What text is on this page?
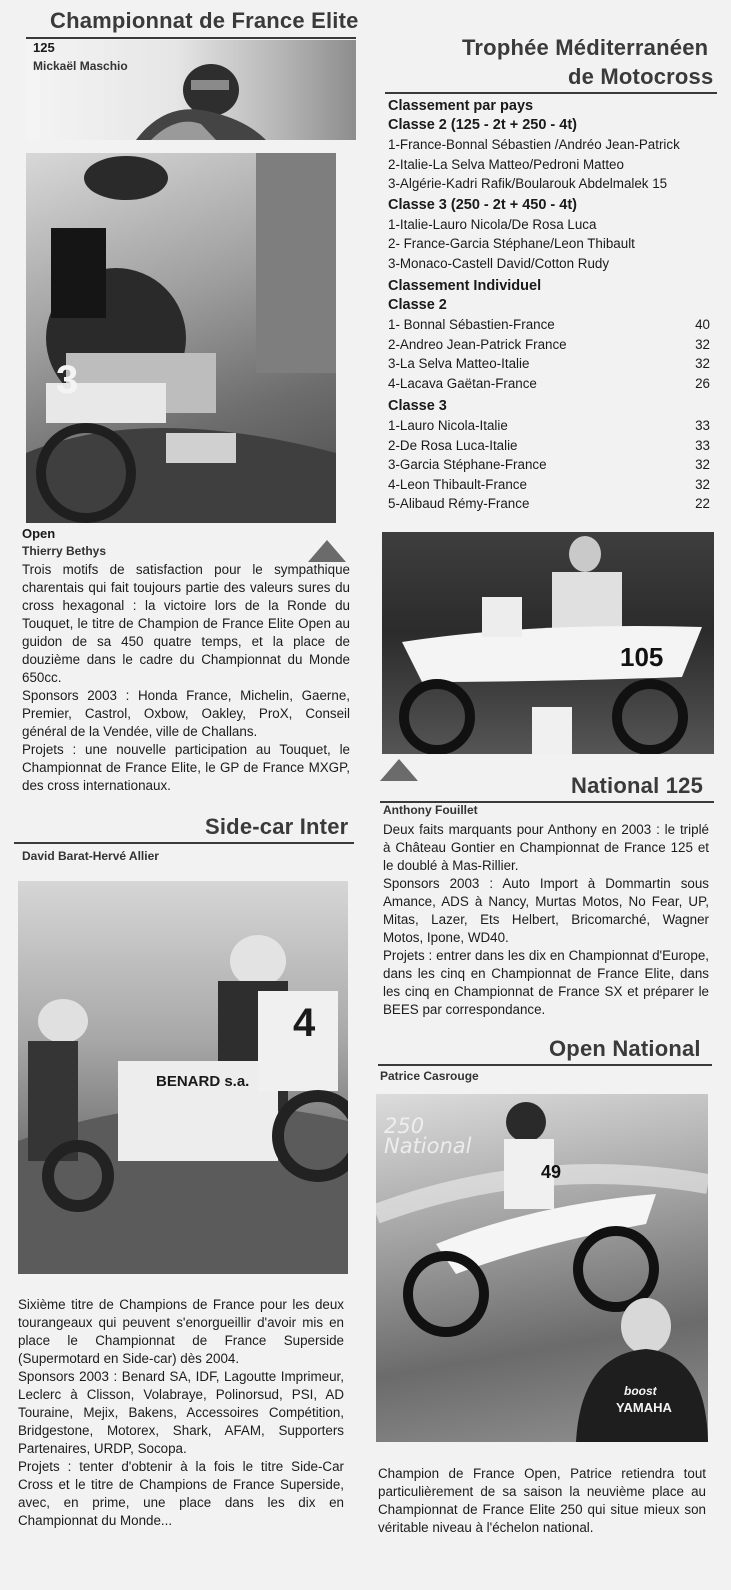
Championnat de France Elite
125
Mickaël Maschio
3
Open
Thierry Bethys
Trois motifs de satisfaction pour le sympathique charentais qui fait toujours partie des valeurs sures du cross hexagonal : la victoire lors de la Ronde du Touquet, le titre de Champion de France Elite Open au guidon de sa 450 quatre temps, et la place de douzième dans le cadre du Championnat du Monde 650cc.
Sponsors 2003 : Honda France, Michelin, Gaerne, Premier, Castrol, Oxbow, Oakley, ProX, Conseil général de la Vendée, ville de Challans.
Projets : une nouvelle participation au Touquet, le Championnat de France Elite, le GP de France MXGP, des cross internationaux.
Side-car Inter
David Barat-Hervé Allier
BENARD s.a.
4
Sixième titre de Champions de France pour les deux tourangeaux qui peuvent s'enorgueillir d'avoir mis en place le Championnat de France Superside (Supermotard en Side-car) dès 2004.
Sponsors 2003 : Benard SA, IDF, Lagoutte Imprimeur, Leclerc à Clisson, Volabraye, Polinorsud, PSI, AD Touraine, Mejix, Bakens, Accessoires Compétition, Bridgestone, Motorex, Shark, AFAM, Supporters Partenaires, URDP, Socopa.
Projets : tenter d'obtenir à la fois le titre Side-Car Cross et le titre de Champions de France Superside, avec, en prime, une place dans les dix en Championnat du Monde...
Trophée Méditerranéen
de Motocross
Classement par pays
Classe 2 (125 - 2t + 250 - 4t)
1-France-Bonnal Sébastien /Andréo Jean-Patrick
2-Italie-La Selva Matteo/Pedroni Matteo
3-Algérie-Kadri Rafik/Boularouk Abdelmalek 15
Classe 3 (250 - 2t + 450 - 4t)
1-Italie-Lauro Nicola/De Rosa Luca
2- France-Garcia Stéphane/Leon Thibault
3-Monaco-Castell David/Cotton Rudy
Classement Individuel
Classe 2
1- Bonnal Sébastien-France	40
2-Andreo Jean-Patrick France	32
3-La Selva Matteo-Italie	32
4-Lacava Gaëtan-France	26
Classe 3
1-Lauro Nicola-Italie	33
2-De Rosa Luca-Italie	33
3-Garcia Stéphane-France	32
4-Leon Thibault-France	32
5-Alibaud Rémy-France	22
105
National 125
Anthony Fouillet
Deux faits marquants pour Anthony en 2003 : le triplé à Château Gontier en Championnat de France 125 et le doublé à Mas-Rillier.
Sponsors 2003 : Auto Import à Dommartin sous Amance, ADS à Nancy, Murtas Motos, No Fear, UP, Mitas, Lazer, Ets Helbert, Bricomarché, Wagner Motos, Ipone, WD40.
Projets : entrer dans les dix en Championnat d'Europe, dans les cinq en Championnat de France Elite, dans les cinq en Championnat de France SX et préparer le BEES par correspondance.
Open National
Patrice Casrouge
250 National
boost
YAMAHA
49
Champion de France Open, Patrice retiendra tout particulièrement de sa saison la neuvième place au Championnat de France Elite 250 qui situe mieux son véritable niveau à l'échelon national.
